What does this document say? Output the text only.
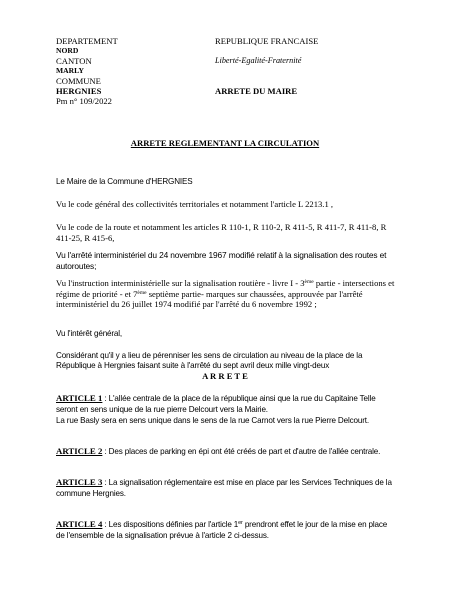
DEPARTEMENT
NORD
CANTON
MARLY
COMMUNE
HERGNIES
Pm n° 109/2022
REPUBLIQUE FRANCAISE
Liberté-Egalité-Fraternité
ARRETE DU MAIRE
ARRETE REGLEMENTANT LA CIRCULATION
Le Maire de la Commune d'HERGNIES
Vu le code général des collectivités territoriales et notamment l'article L 2213.1 ,
Vu le code de la route et notamment les articles R 110-1, R 110-2, R 411-5, R 411-7, R 411-8, R 411-25, R 415-6,
Vu l'arrêté interministériel du 24 novembre 1967 modifié relatif à la signalisation des routes et autoroutes;
Vu l'instruction interministérielle sur la signalisation routière - livre I - 3ème partie - intersections et régime de priorité - et 7ème septième partie- marques sur chaussées, approuvée par l'arrêté interministériel du 26 juillet 1974 modifié par l'arrêté du 6 novembre 1992 ;
Vu l'intérêt général,
Considérant qu'il y a lieu de pérenniser les sens de circulation au niveau de la place de la République à Hergnies faisant suite à l'arrêté du sept avril deux mille vingt-deux
A R R E T E
ARTICLE 1 : L'allée centrale de la place de la république ainsi que la rue du Capitaine Telle seront en sens unique de la rue pierre Delcourt vers la Mairie.
La rue Basly sera en sens unique dans le sens de la rue Carnot vers la rue Pierre Delcourt.
ARTICLE 2 : Des places de parking en épi ont été créés de part et d'autre de l'allée centrale.
ARTICLE 3 : La signalisation réglementaire est mise en place par les Services Techniques de la commune Hergnies.
ARTICLE 4 : Les dispositions définies par l'article 1er prendront effet le jour de la mise en place de l'ensemble de la signalisation prévue à l'article 2 ci-dessus.
